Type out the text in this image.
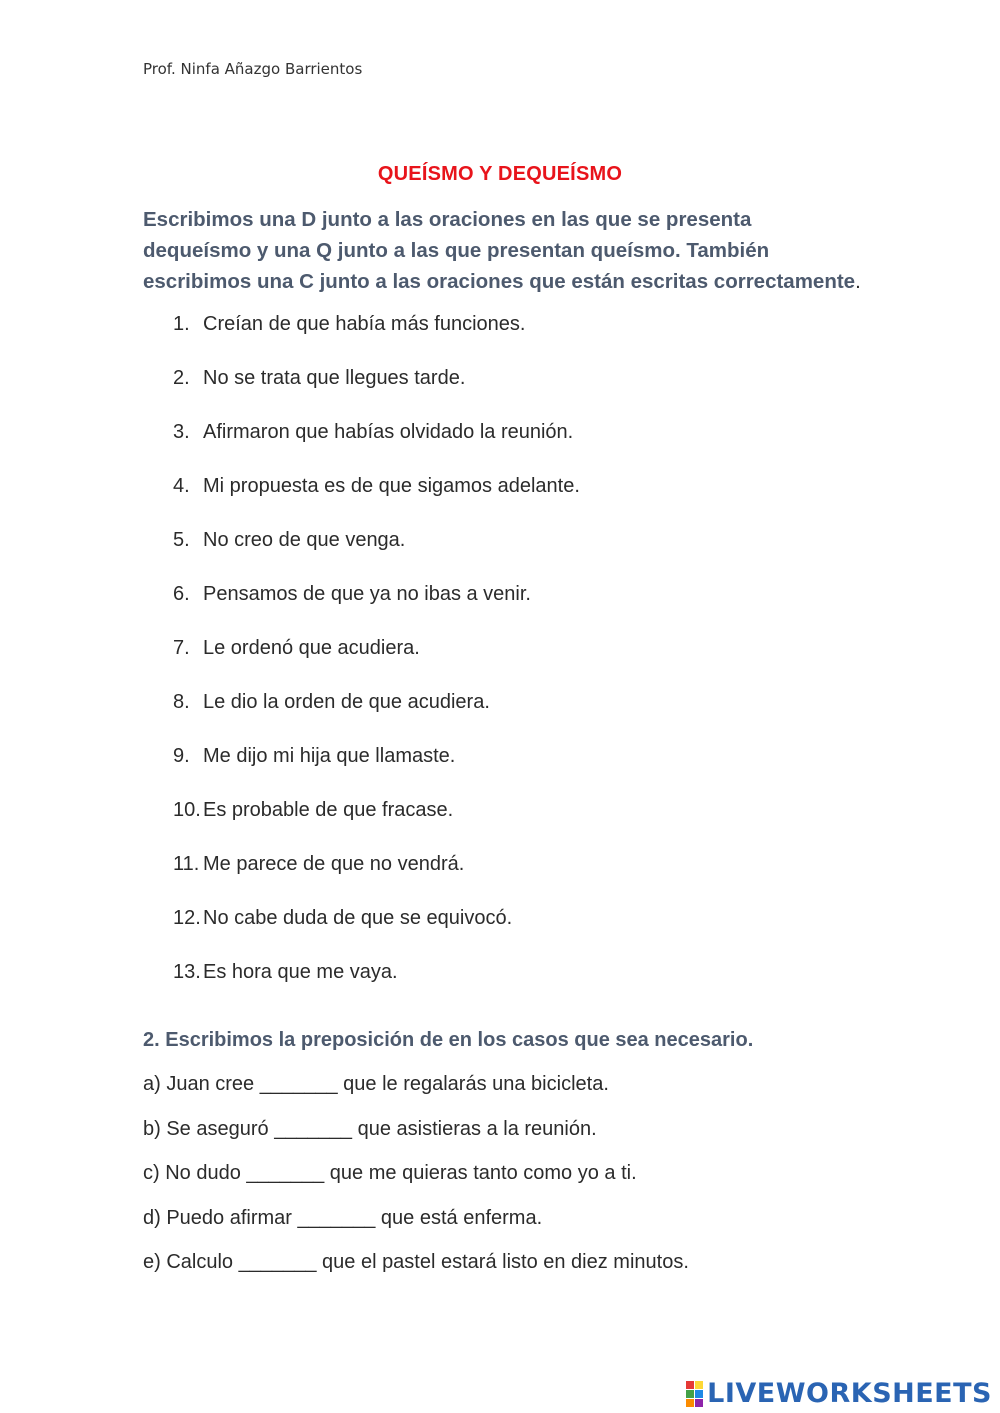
Prof. Ninfa Añazgo Barrientos
QUEÍSMO Y DEQUEÍSMO
Escribimos una D junto a las oraciones en las que se presenta dequeísmo y una Q junto a las que presentan queísmo. También escribimos una C junto a las oraciones que están escritas correctamente.
1. Creían de que había más funciones.
2. No se trata que llegues tarde.
3. Afirmaron que habías olvidado la reunión.
4. Mi propuesta es de que sigamos adelante.
5. No creo de que venga.
6. Pensamos de que ya no ibas a venir.
7. Le ordenó que acudiera.
8. Le dio la orden de que acudiera.
9. Me dijo mi hija que llamaste.
10. Es probable de que fracase.
11. Me parece de que no vendrá.
12. No cabe duda de que se equivocó.
13. Es hora que me vaya.
2. Escribimos la preposición de en los casos que sea necesario.
a) Juan cree _______ que le regalarás una bicicleta.
b) Se aseguró _______ que asistieras a la reunión.
c) No dudo _______ que me quieras tanto como yo a ti.
d) Puedo afirmar _______ que está enferma.
e) Calculo _______ que el pastel estará listo en diez minutos.
LIVEWORKSHEETS
